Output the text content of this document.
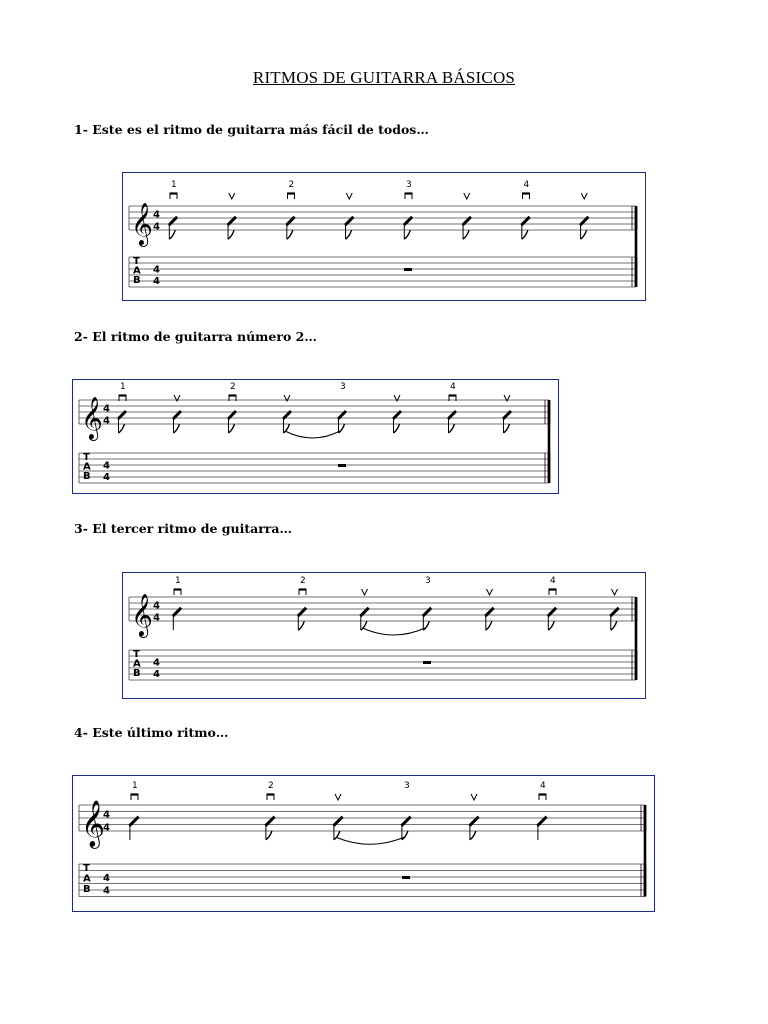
RITMOS DE GUITARRA BÁSICOS
1- Este es el ritmo de guitarra más fácil de todos…
𝄞 4
4
T
A
B
4
4
1	2	3	4
2- El ritmo de guitarra número 2…
𝄞 4
4
T
A
B
4
4
1	2	3	4
3- El tercer ritmo de guitarra…
𝄞 4
4
T
A
B
4
4
1	2	3	4
4- Este último ritmo…
𝄞
4
4
T
A
B
4
4
1	2	3	4
